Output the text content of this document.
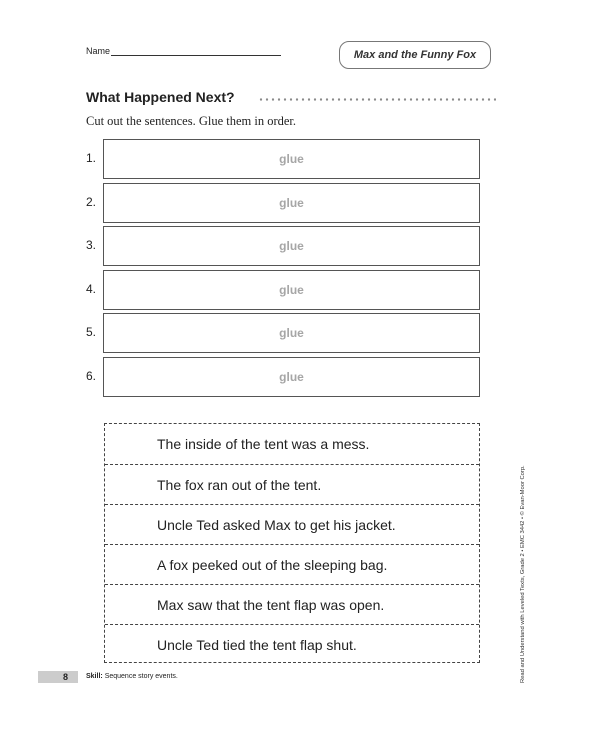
Name	Max and the Funny Fox
What Happened Next?
Cut out the sentences. Glue them in order.
1.	glue
2.	glue
3.	glue
4.	glue
5.	glue
6.	glue
The inside of the tent was a mess.
The fox ran out of the tent.
Uncle Ted asked Max to get his jacket.
A fox peeked out of the sleeping bag.
Max saw that the tent flap was open.
Uncle Ted tied the tent flap shut.
8	Skill: Sequence story events.	Read and Understand with Leveled Texts, Grade 2 • EMC 3442 • © Evan-Moor Corp.
